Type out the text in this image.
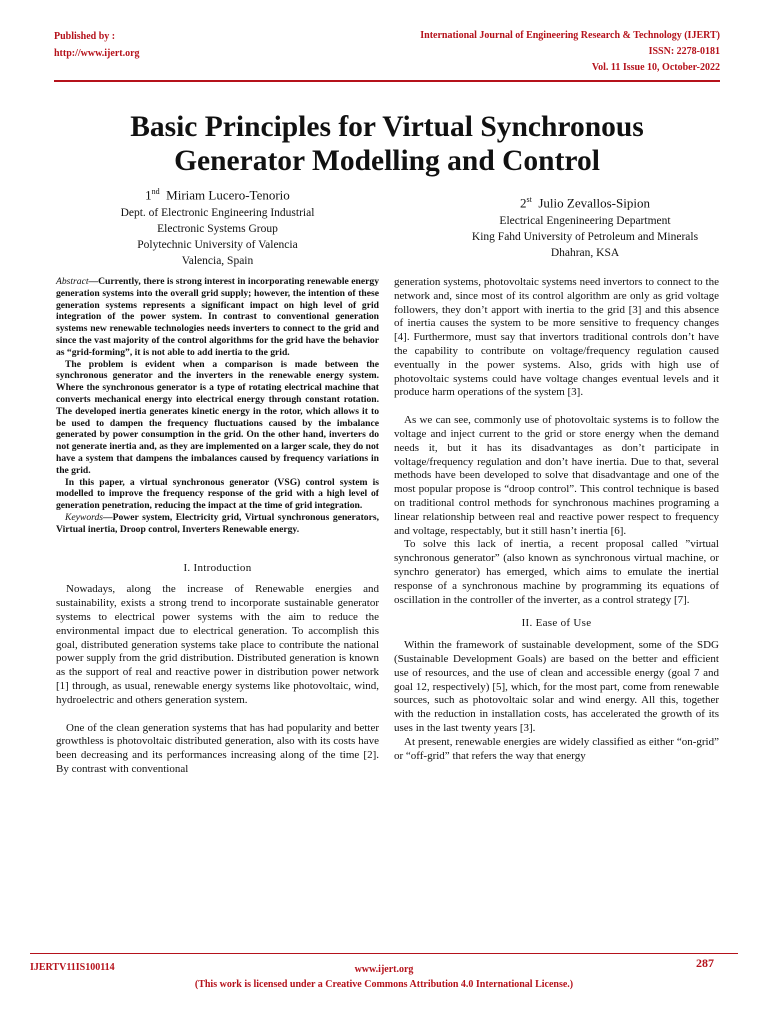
Published by :
http://www.ijert.org
International Journal of Engineering Research & Technology (IJERT)
ISSN: 2278-0181
Vol. 11 Issue 10, October-2022
Basic Principles for Virtual Synchronous
Generator Modelling and Control
1nd Miriam Lucero-Tenorio
Dept. of Electronic Engineering Industrial
Electronic Systems Group
Polytechnic University of Valencia
Valencia, Spain
2st Julio Zevallos-Sipion
Electrical Engenineering Department
King Fahd University of Petroleum and Minerals
Dhahran, KSA

Abstract—Currently, there is strong interest in incorporating renewable energy generation systems into the overall grid supply; however, the intention of these generation systems represents a significant impact on high level of grid integration of the power system. In contrast to conventional generation systems new renewable technologies needs inverters to connect to the grid and since the vast majority of the control algorithms for the grid have the behavior as “grid-forming”, it is not able to add inertia to the grid.

The problem is evident when a comparison is made between the synchronous generator and the inverters in the renewable energy system. Where the synchronous generator is a type of rotating electrical machine that converts mechanical energy into electrical energy through constant rotation. The developed inertia generates kinetic energy in the rotor, which allows it to be used to dampen the frequency fluctuations caused by the imbalance generated by power consumption in the grid. On the other hand, inverters do not generate inertia and, as they are implemented on a larger scale, they do not have a system that dampens the imbalances caused by frequency variations in the grid.

In this paper, a virtual synchronous generator (VSG) control system is modelled to improve the frequency response of the grid with a high level of generation penetration, reducing the impact at the time of grid integration.

Keywords—Power system, Electricity grid, Virtual synchronous generators, Virtual inertia, Droop control, Inverters Renewable energy.

I. Introduction

Nowadays, along the increase of Renewable energies and sustainability, exists a strong trend to incorporate sustainable generator systems to electrical power systems with the aim to reduce the environmental impact due to electrical generation. To accomplish this goal, distributed generation systems take place to contribute the national power supply from the grid distribution. Distributed generation is known as the support of real and reactive power in distribution power network [1] through, as usual, renewable energy systems like photovoltaic, wind, hydroelectric and others generation system.

One of the clean generation systems that has had popularity and better growthless is photovoltaic distributed generation, also with its costs have been decreasing and its performances increasing along of the time [2]. By contrast with conventional

generation systems, photovoltaic systems need invertors to connect to the network and, since most of its control algorithm are only as grid voltage followers, they don’t apport with inertia to the grid [3] and this absence of inertia causes the system to be more sensitive to frequency changes [4]. Furthermore, must say that invertors traditional controls don’t have the capability to contribute on voltage/frequency regulation caused eventually in the power systems. Also, grids with high use of photovoltaic systems could have voltage changes eventual levels and it produce harm operations of the system [3].

As we can see, commonly use of photovoltaic systems is to follow the voltage and inject current to the grid or store energy when the demand needs it, but it has its disadvantages as don’t participate in voltage/frequency regulation and don’t have inertia. Due to that, several methods have been developed to solve that disadvantage and one of the most popular propose is “droop control”. This control technique is based on traditional control methods for synchronous machines programing a linear relationship between real and reactive power respect to frequency and voltage, respectably, but it still hasn’t inertia [6].

To solve this lack of inertia, a recent proposal called ”virtual synchronous generator” (also known as synchronous virtual machine, or synchro generator) has emerged, which aims to emulate the inertial response of a synchronous machine by programming its equations of oscillation in the controller of the inverter, as a control strategy [7].

II. Ease of Use

Within the framework of sustainable development, some of the SDG (Sustainable Development Goals) are based on the better and efficient use of resources, and the use of clean and accessible energy (goal 7 and goal 12, respectively) [5], which, for the most part, come from renewable sources, such as photovoltaic solar and wind energy. All this, together with the reduction in installation costs, has accelerated the growth of its uses in the last twenty years [3].

At present, renewable energies are widely classified as either “on-grid” or “off-grid” that refers the way that energy

IJERTV11IS100114	www.ijert.org
(This work is licensed under a Creative Commons Attribution 4.0 International License.)
287
